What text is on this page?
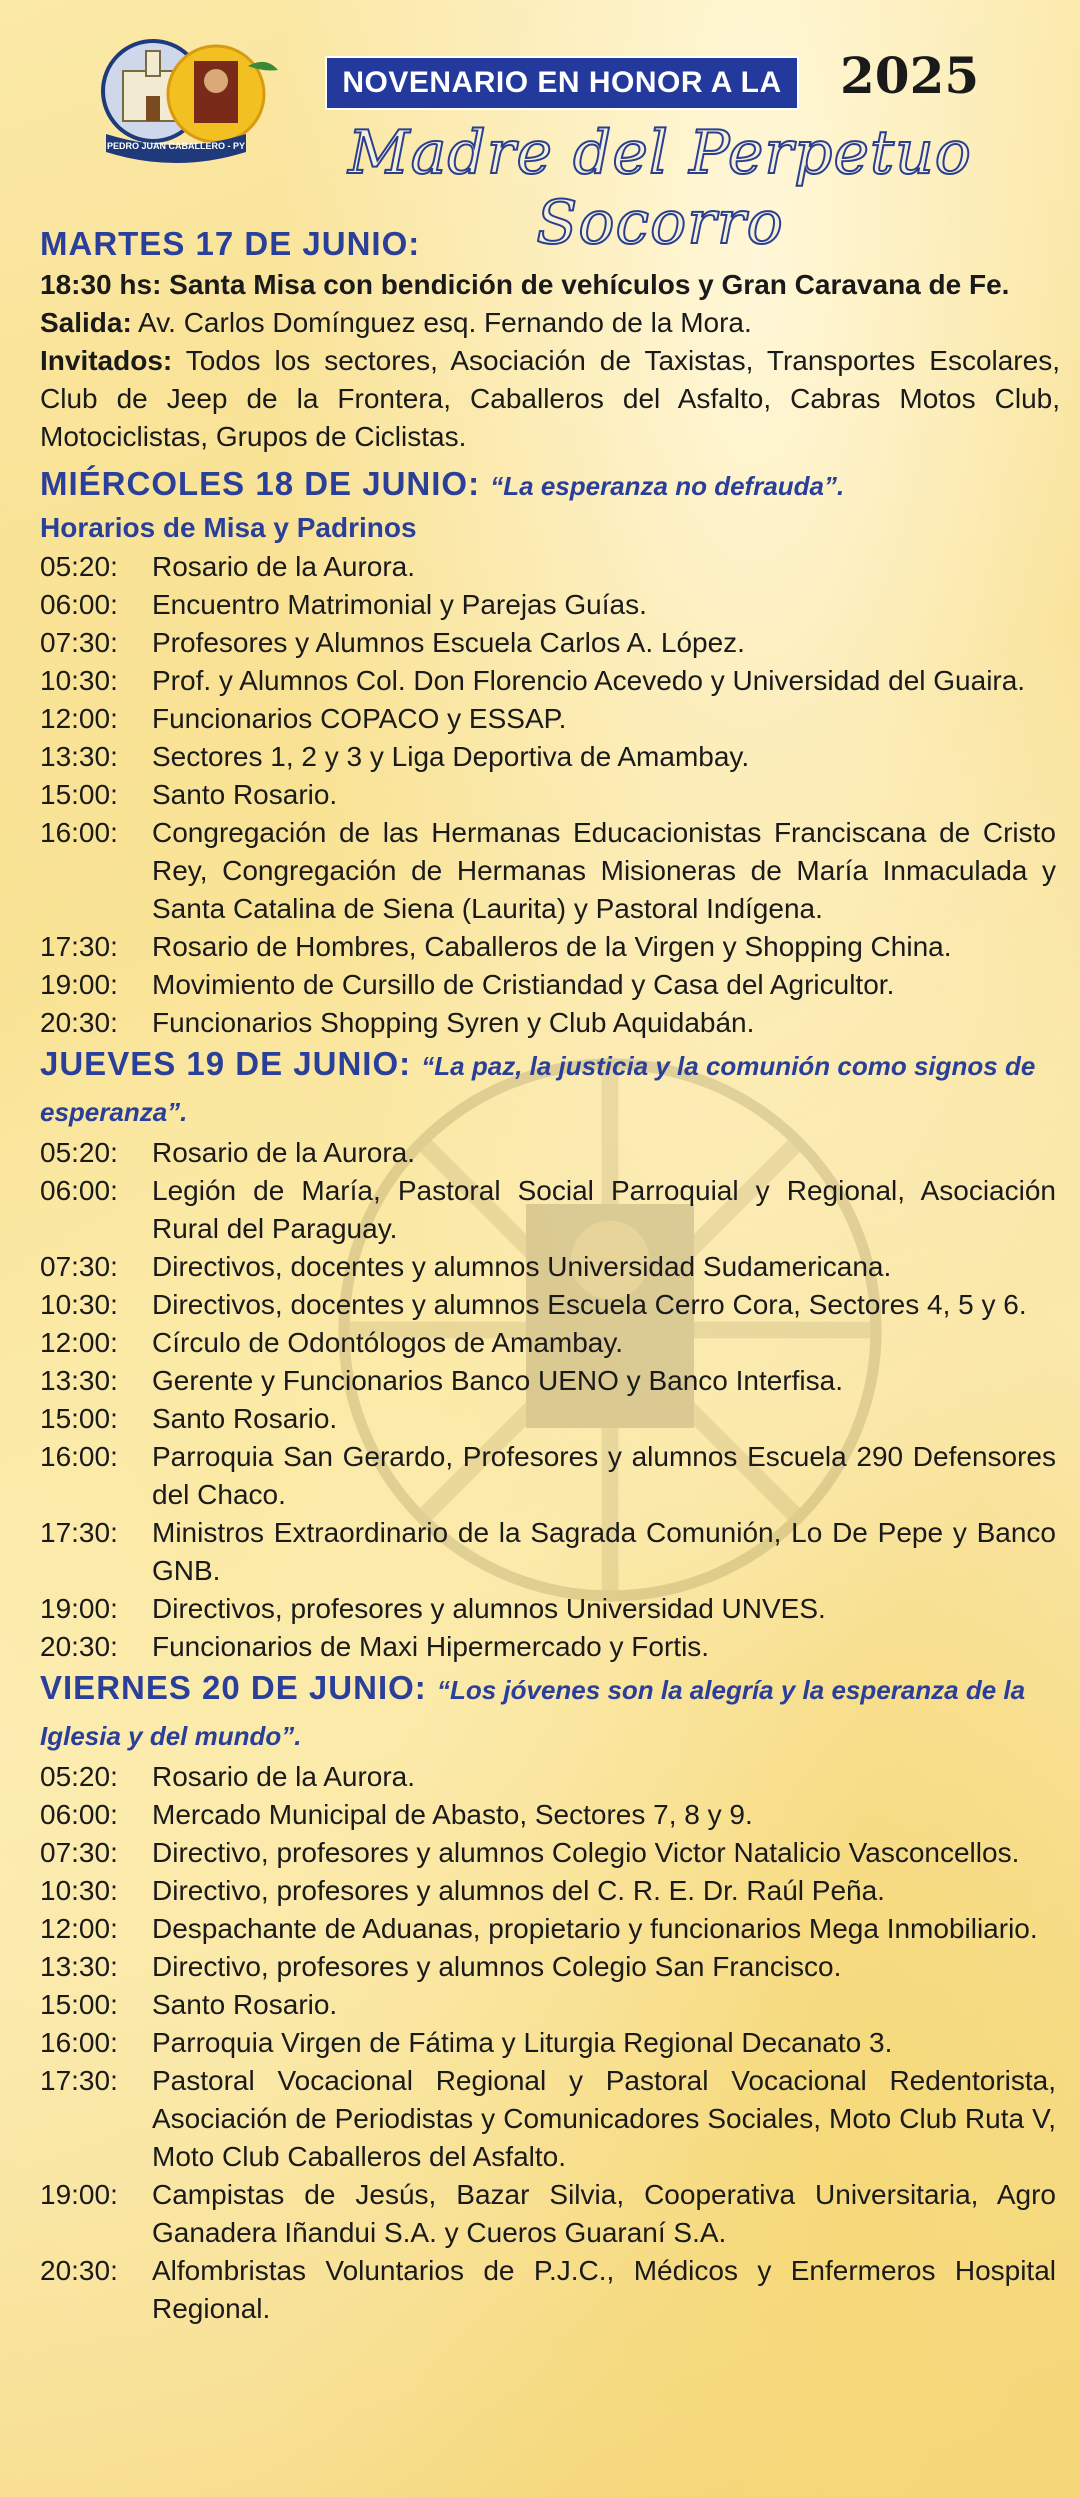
PEDRO JUAN CABALLERO - PY
NOVENARIO EN HONOR A LA	2025
Madre del Perpetuo Socorro
MARTES 17 DE JUNIO:

18:30 hs: Santa Misa con bendición de vehículos y Gran Caravana de Fe.

Salida: Av. Carlos Domínguez esq. Fernando de la Mora.

Invitados: Todos los sectores, Asociación de Taxistas, Transportes Escolares, Club de Jeep de la Frontera, Caballeros del Asfalto, Cabras Motos Club, Motociclistas, Grupos de Ciclistas.

MIÉRCOLES 18 DE JUNIO: “La esperanza no defrauda”.
Horarios de Misa y Padrinos
05:20:	Rosario de la Aurora.
06:00:	Encuentro Matrimonial y Parejas Guías.
07:30:	Profesores y Alumnos Escuela Carlos A. López.
10:30:	Prof. y Alumnos Col. Don Florencio Acevedo y Universidad del Guaira.
12:00:	Funcionarios COPACO y ESSAP.
13:30:	Sectores 1, 2 y 3 y Liga Deportiva de Amambay.
15:00:	Santo Rosario.
16:00:	Congregación de las Hermanas Educacionistas Franciscana de Cristo Rey, Congregación de Hermanas Misioneras de María Inmaculada y Santa Catalina de Siena (Laurita) y Pastoral Indígena.
17:30:	Rosario de Hombres, Caballeros de la Virgen y Shopping China.
19:00:	Movimiento de Cursillo de Cristiandad y Casa del Agricultor.
20:30:	Funcionarios Shopping Syren y Club Aquidabán.
JUEVES 19 DE JUNIO: “La paz, la justicia y la comunión como signos de esperanza”.
05:20:	Rosario de la Aurora.
06:00:	Legión de María, Pastoral Social Parroquial y Regional, Asociación Rural del Paraguay.
07:30:	Directivos, docentes y alumnos Universidad Sudamericana.
10:30:	Directivos, docentes y alumnos Escuela Cerro Cora, Sectores 4, 5 y 6.
12:00:	Círculo de Odontólogos de Amambay.
13:30:	Gerente y Funcionarios Banco UENO y Banco Interfisa.
15:00:	Santo Rosario.
16:00:	Parroquia San Gerardo, Profesores y alumnos Escuela 290 Defensores del Chaco.
17:30:	Ministros Extraordinario de la Sagrada Comunión, Lo De Pepe y Banco GNB.
19:00:	Directivos, profesores y alumnos Universidad UNVES.
20:30:	Funcionarios de Maxi Hipermercado y Fortis.
VIERNES 20 DE JUNIO: “Los jóvenes son la alegría y la esperanza de la Iglesia y del mundo”.
05:20:	Rosario de la Aurora.
06:00:	Mercado Municipal de Abasto, Sectores 7, 8 y 9.
07:30:	Directivo, profesores y alumnos Colegio Victor Natalicio Vasconcellos.
10:30:	Directivo, profesores y alumnos del C. R. E. Dr. Raúl Peña.
12:00:	Despachante de Aduanas, propietario y funcionarios Mega Inmobiliario.
13:30:	Directivo, profesores y alumnos Colegio San Francisco.
15:00:	Santo Rosario.
16:00:	Parroquia Virgen de Fátima y Liturgia Regional Decanato 3.
17:30:	Pastoral Vocacional Regional y Pastoral Vocacional Redentorista, Asociación de Periodistas y Comunicadores Sociales, Moto Club Ruta V, Moto Club Caballeros del Asfalto.
19:00:	Campistas de Jesús, Bazar Silvia, Cooperativa Universitaria, Agro Ganadera Iñandui S.A. y Cueros Guaraní S.A.
20:30:	Alfombristas Voluntarios de P.J.C., Médicos y Enfermeros Hospital Regional.
